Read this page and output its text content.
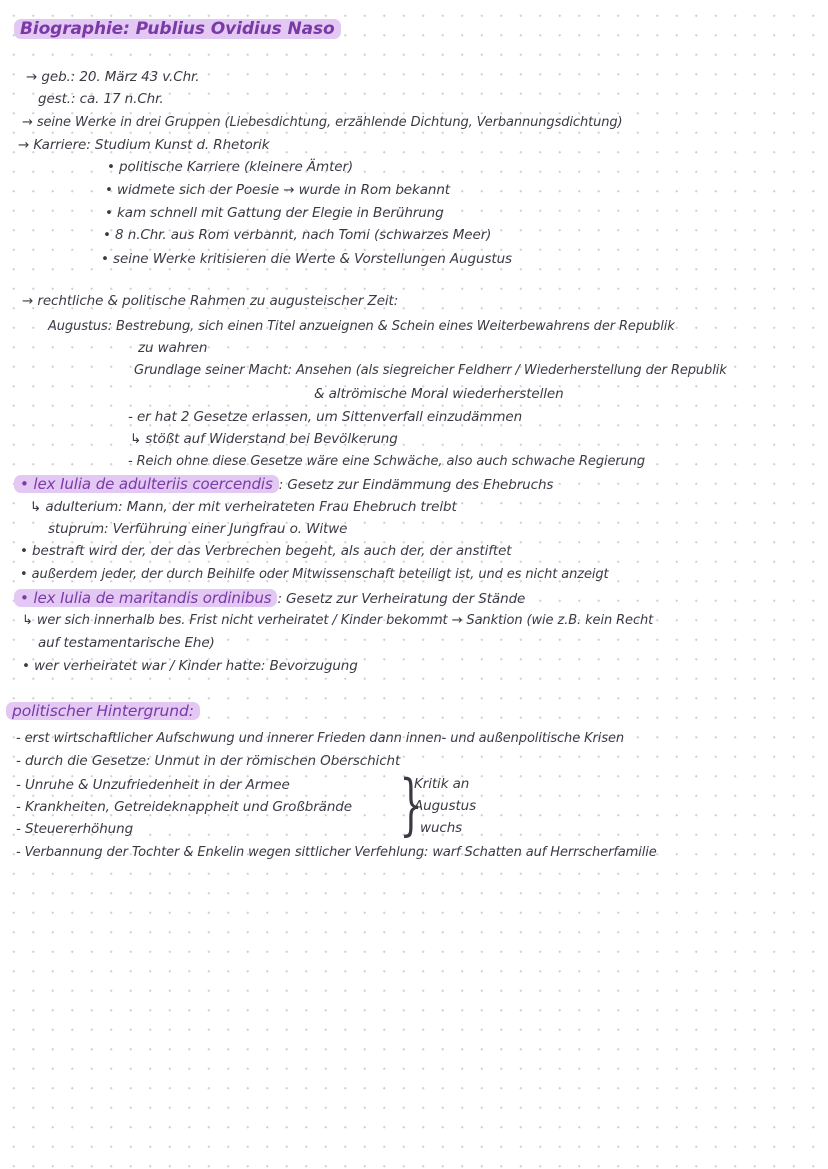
Biographie: Publius Ovidius Naso
→ geb.: 20. März 43 v.Chr.
gest.: ca. 17 n.Chr.
→ seine Werke in drei Gruppen (Liebesdichtung, erzählende Dichtung, Verbannungsdichtung)
→ Karriere: Studium Kunst d. Rhetorik
• politische Karriere (kleinere Ämter)
• widmete sich der Poesie → wurde in Rom bekannt
• kam schnell mit Gattung der Elegie in Berührung
• 8 n.Chr. aus Rom verbannt, nach Tomi (schwarzes Meer)
• seine Werke kritisieren die Werte & Vorstellungen Augustus
→ rechtliche & politische Rahmen zu augusteischer Zeit:
Augustus: Bestrebung, sich einen Titel anzueignen & Schein eines Weiterbewahrens der Republik
zu wahren
Grundlage seiner Macht: Ansehen (als siegreicher Feldherr / Wiederherstellung der Republik
& altrömische Moral wiederherstellen
- er hat 2 Gesetze erlassen, um Sittenverfall einzudämmen
↳ stößt auf Widerstand bei Bevölkerung
- Reich ohne diese Gesetze wäre eine Schwäche, also auch schwache Regierung
• lex Iulia de adulteriis coercendis : Gesetz zur Eindämmung des Ehebruchs
↳ adulterium: Mann, der mit verheirateten Frau Ehebruch treibt
stuprum: Verführung einer Jungfrau o. Witwe
• bestraft wird der, der das Verbrechen begeht, als auch der, der anstiftet
• außerdem jeder, der durch Beihilfe oder Mitwissenschaft beteiligt ist, und es nicht anzeigt
• lex Iulia de maritandis ordinibus : Gesetz zur Verheiratung der Stände
↳ wer sich innerhalb bes. Frist nicht verheiratet / Kinder bekommt → Sanktion (wie z.B. kein Recht
auf testamentarische Ehe)
• wer verheiratet war / Kinder hatte: Bevorzugung
politischer Hintergrund:
- erst wirtschaftlicher Aufschwung und innerer Frieden dann innen- und außenpolitische Krisen
- durch die Gesetze: Unmut in der römischen Oberschicht
- Unruhe & Unzufriedenheit in der Armee
- Krankheiten, Getreideknappheit und Großbrände
- Steuererhöhung
- Verbannung der Tochter & Enkelin wegen sittlicher Verfehlung: warf Schatten auf Herrscherfamilie
}
Kritik an
Augustus
wuchs
